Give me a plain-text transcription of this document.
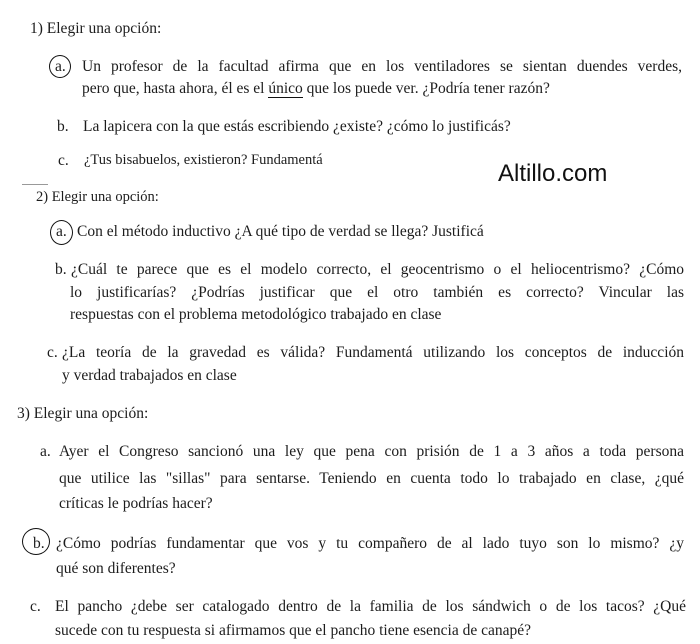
Altillo.com
1) Elegir una opción:
a. Un profesor de la facultad afirma que en los ventiladores se sientan duendes verdes,
pero que, hasta ahora, él es el único que los puede ver. ¿Podría tener razón?
b. La lapicera con la que estás escribiendo ¿existe? ¿cómo lo justificás?
c. ¿Tus bisabuelos, existieron? Fundamentá
2) Elegir una opción:
a. Con el método inductivo ¿A qué tipo de verdad se llega? Justificá
b. ¿Cuál te parece que es el modelo correcto, el geocentrismo o el heliocentrismo? ¿Cómo
lo justificarías? ¿Podrías justificar que el otro también es correcto? Vincular las
respuestas con el problema metodológico trabajado en clase
c. ¿La teoría de la gravedad es válida? Fundamentá utilizando los conceptos de inducción
y verdad trabajados en clase
3) Elegir una opción:
a. Ayer el Congreso sancionó una ley que pena con prisión de 1 a 3 años a toda persona
que utilice las "sillas" para sentarse. Teniendo en cuenta todo lo trabajado en clase, ¿qué
críticas le podrías hacer?
b. ¿Cómo podrías fundamentar que vos y tu compañero de al lado tuyo son lo mismo? ¿y
qué son diferentes?
c. El pancho ¿debe ser catalogado dentro de la familia de los sándwich o de los tacos? ¿Qué
sucede con tu respuesta si afirmamos que el pancho tiene esencia de canapé?
